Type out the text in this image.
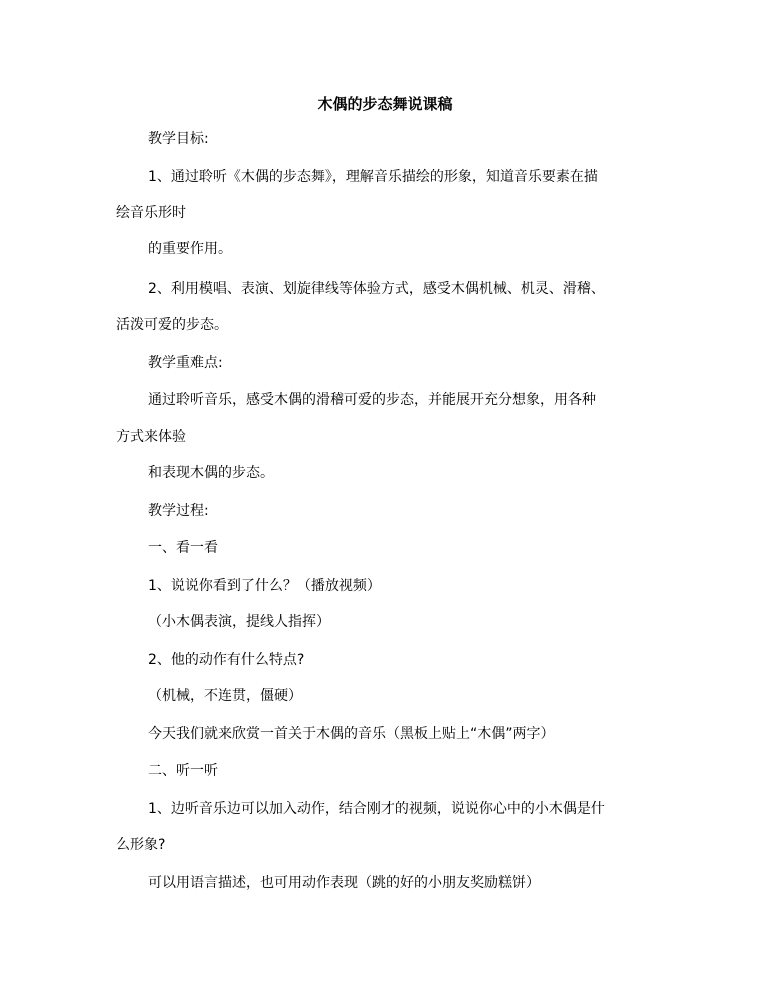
木偶的步态舞说课稿
教学目标:
1、通过聆听《木偶的步态舞》，理解音乐描绘的形象，知道音乐要素在描
绘音乐形时
的重要作用。
2、利用模唱、表演、划旋律线等体验方式，感受木偶机械、机灵、滑稽、
活泼可爱的步态。
教学重难点:
通过聆听音乐，感受木偶的滑稽可爱的步态，并能展开充分想象，用各种
方式来体验
和表现木偶的步态。
教学过程:
一、看一看
1、说说你看到了什么？（播放视频）
（小木偶表演，提线人指挥）
2、他的动作有什么特点?
（机械，不连贯，僵硬）
今天我们就来欣赏一首关于木偶的音乐（黑板上贴上“木偶”两字）
二、听一听
1、边听音乐边可以加入动作，结合刚才的视频，说说你心中的小木偶是什
么形象?
可以用语言描述，也可用动作表现（跳的好的小朋友奖励糕饼）
